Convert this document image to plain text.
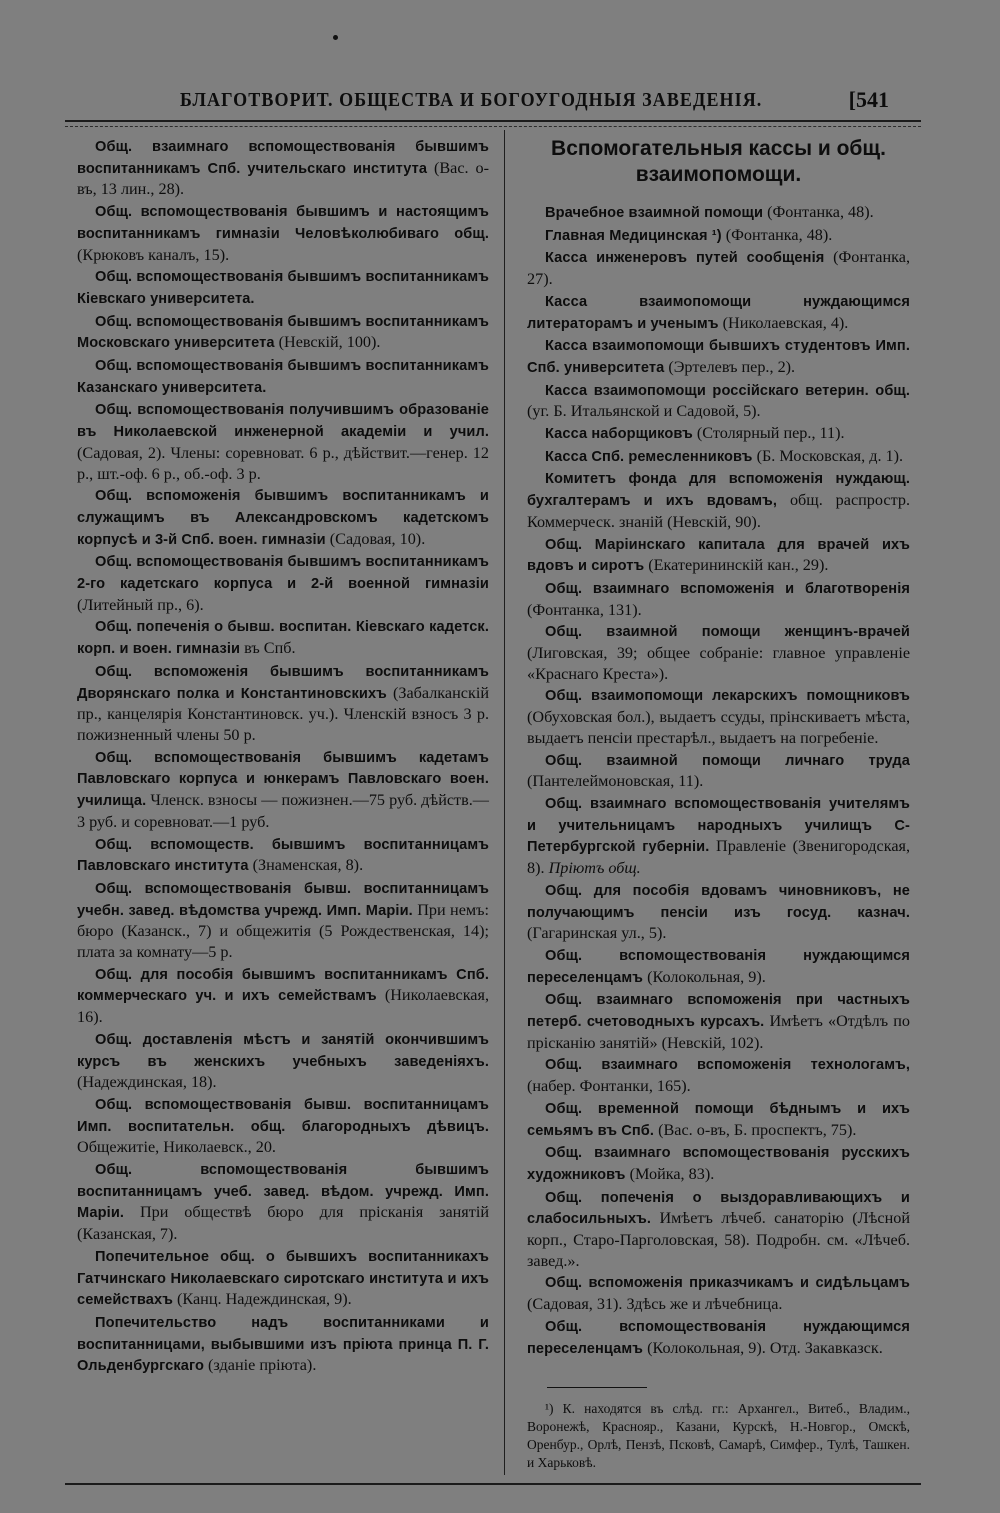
БЛАГОТВОРИТ. ОБЩЕСТВА И БОГОУГОДНЫЯ ЗАВЕДЕНІЯ.	[541

Общ. взаимнаго вспомоществованія бывшимъ воспитанникамъ Спб. учительскаго института (Вас. о-въ, 13 лин., 28).

Общ. вспомоществованія бывшимъ и настоящимъ воспитанникамъ гимназіи Человѣколюбиваго общ. (Крюковъ каналъ, 15).

Общ. вспомоществованія бывшимъ воспитанникамъ Кіевскаго университета.

Общ. вспомоществованія бывшимъ воспитанникамъ Московскаго университета (Невскій, 100).

Общ. вспомоществованія бывшимъ воспитанникамъ Казанскаго университета.

Общ. вспомоществованія получившимъ образованіе въ Николаевской инженерной академіи и учил. (Садовая, 2). Члены: соревноват. 6 р., дѣйствит.—генер. 12 р., шт.-оф. 6 р., об.-оф. 3 р.

Общ. вспоможенія бывшимъ воспитанникамъ и служащимъ въ Александровскомъ кадетскомъ корпусѣ и 3-й Спб. воен. гимназіи (Садовая, 10).

Общ. вспомоществованія бывшимъ воспитанникамъ 2-го кадетскаго корпуса и 2-й военной гимназіи (Литейный пр., 6).

Общ. попеченія о бывш. воспитан. Кіевскаго кадетск. корп. и воен. гимназіи въ Спб.

Общ. вспоможенія бывшимъ воспитанникамъ Дворянскаго полка и Константиновскихъ (Забалканскій пр., канцелярія Константиновск. уч.). Членскій взносъ 3 р. пожизненный члены 50 р.

Общ. вспомоществованія бывшимъ кадетамъ Павловскаго корпуса и юнкерамъ Павловскаго воен. училища. Членск. взносы — пожизнен.—75 руб. дѣйств.—3 руб. и соревноват.—1 руб.

Общ. вспомоществ. бывшимъ воспитанницамъ Павловскаго института (Знаменская, 8).

Общ. вспомоществованія бывш. воспитанницамъ учебн. завед. вѣдомства учрежд. Имп. Маріи. При немъ: бюро (Казанск., 7) и общежитія (5 Рождественская, 14); плата за комнату—5 р.

Общ. для пособія бывшимъ воспитанникамъ Спб. коммерческаго уч. и ихъ семействамъ (Николаевская, 16).

Общ. доставленія мѣстъ и занятій окончившимъ курсъ въ женскихъ учебныхъ заведеніяхъ. (Надеждинская, 18).

Общ. вспомоществованія бывш. воспитанницамъ Имп. воспитательн. общ. благородныхъ дѣвицъ. Общежитіе, Николаевск., 20.

Общ. вспомоществованія бывшимъ воспитанницамъ учеб. завед. вѣдом. учрежд. Имп. Маріи. При обществѣ бюро для прісканія занятій (Казанская, 7).

Попечительное общ. о бывшихъ воспитанникахъ Гатчинскаго Николаевскаго сиротскаго института и ихъ семействахъ (Канц. Надеждинская, 9).

Попечительство надъ воспитанниками и воспитанницами, выбывшими изъ пріюта принца П. Г. Ольденбургскаго (зданіе пріюта).

Вспомогательныя кассы и общ. взаимопомощи.

Врачебное взаимной помощи (Фонтанка, 48).

Главная Медицинская ¹) (Фонтанка, 48).

Касса инженеровъ путей сообщенія (Фонтанка, 27).

Касса взаимопомощи нуждающимся литераторамъ и ученымъ (Николаевская, 4).

Касса взаимопомощи бывшихъ студентовъ Имп. Спб. университета (Эртелевъ пер., 2).

Касса взаимопомощи россійскаго ветерин. общ. (уг. Б. Итальянской и Садовой, 5).

Касса наборщиковъ (Столярный пер., 11).

Касса Спб. ремесленниковъ (Б. Московская, д. 1).

Комитетъ фонда для вспоможенія нуждающ. бухгалтерамъ и ихъ вдовамъ, общ. распростр. Коммерческ. знаній (Невскій, 90).

Общ. Маріинскаго капитала для врачей ихъ вдовъ и сиротъ (Екатерининскій кан., 29).

Общ. взаимнаго вспоможенія и благотворенія (Фонтанка, 131).

Общ. взаимной помощи женщинъ-врачей (Лиговская, 39; общее собраніе: главное управленіе «Краснаго Креста»).

Общ. взаимопомощи лекарскихъ помощниковъ (Обуховская бол.), выдаетъ ссуды, прінскиваетъ мѣста, выдаетъ пенсіи престарѣл., выдаетъ на погребеніе.

Общ. взаимной помощи личнаго труда (Пантелеймоновская, 11).

Общ. взаимнаго вспомоществованія учителямъ и учительницамъ народныхъ училищъ С-Петербургской губерніи. Правленіе (Звенигородская, 8). Пріютъ общ.

Общ. для пособія вдовамъ чиновниковъ, не получающимъ пенсіи изъ госуд. казнач. (Гагаринская ул., 5).

Общ. вспомоществованія нуждающимся переселенцамъ (Колокольная, 9).

Общ. взаимнаго вспоможенія при частныхъ петерб. счетоводныхъ курсахъ. Имѣетъ «Отдѣлъ по прісканію занятій» (Невскій, 102).

Общ. взаимнаго вспоможенія технологамъ, (набер. Фонтанки, 165).

Общ. временной помощи бѣднымъ и ихъ семьямъ въ Спб. (Вас. о-въ, Б. проспектъ, 75).

Общ. взаимнаго вспомоществованія русскихъ художниковъ (Мойка, 83).

Общ. попеченія о выздоравливающихъ и слабосильныхъ. Имѣетъ лѣчеб. санаторію (Лѣсной корп., Старо-Парголовская, 58). Подробн. см. «Лѣчеб. завед.».

Общ. вспоможенія приказчикамъ и сидѣльцамъ (Садовая, 31). Здѣсь же и лѣчебница.

Общ. вспомоществованія нуждающимся переселенцамъ (Колокольная, 9). Отд. Закавказск.

¹) К. находятся въ слѣд. гг.: Архангел., Витеб., Владим., Воронежѣ, Краснояр., Казани, Курскѣ, Н.-Новгор., Омскѣ, Оренбур., Орлѣ, Пензѣ, Псковѣ, Самарѣ, Симфер., Тулѣ, Ташкен. и Харьковѣ.
